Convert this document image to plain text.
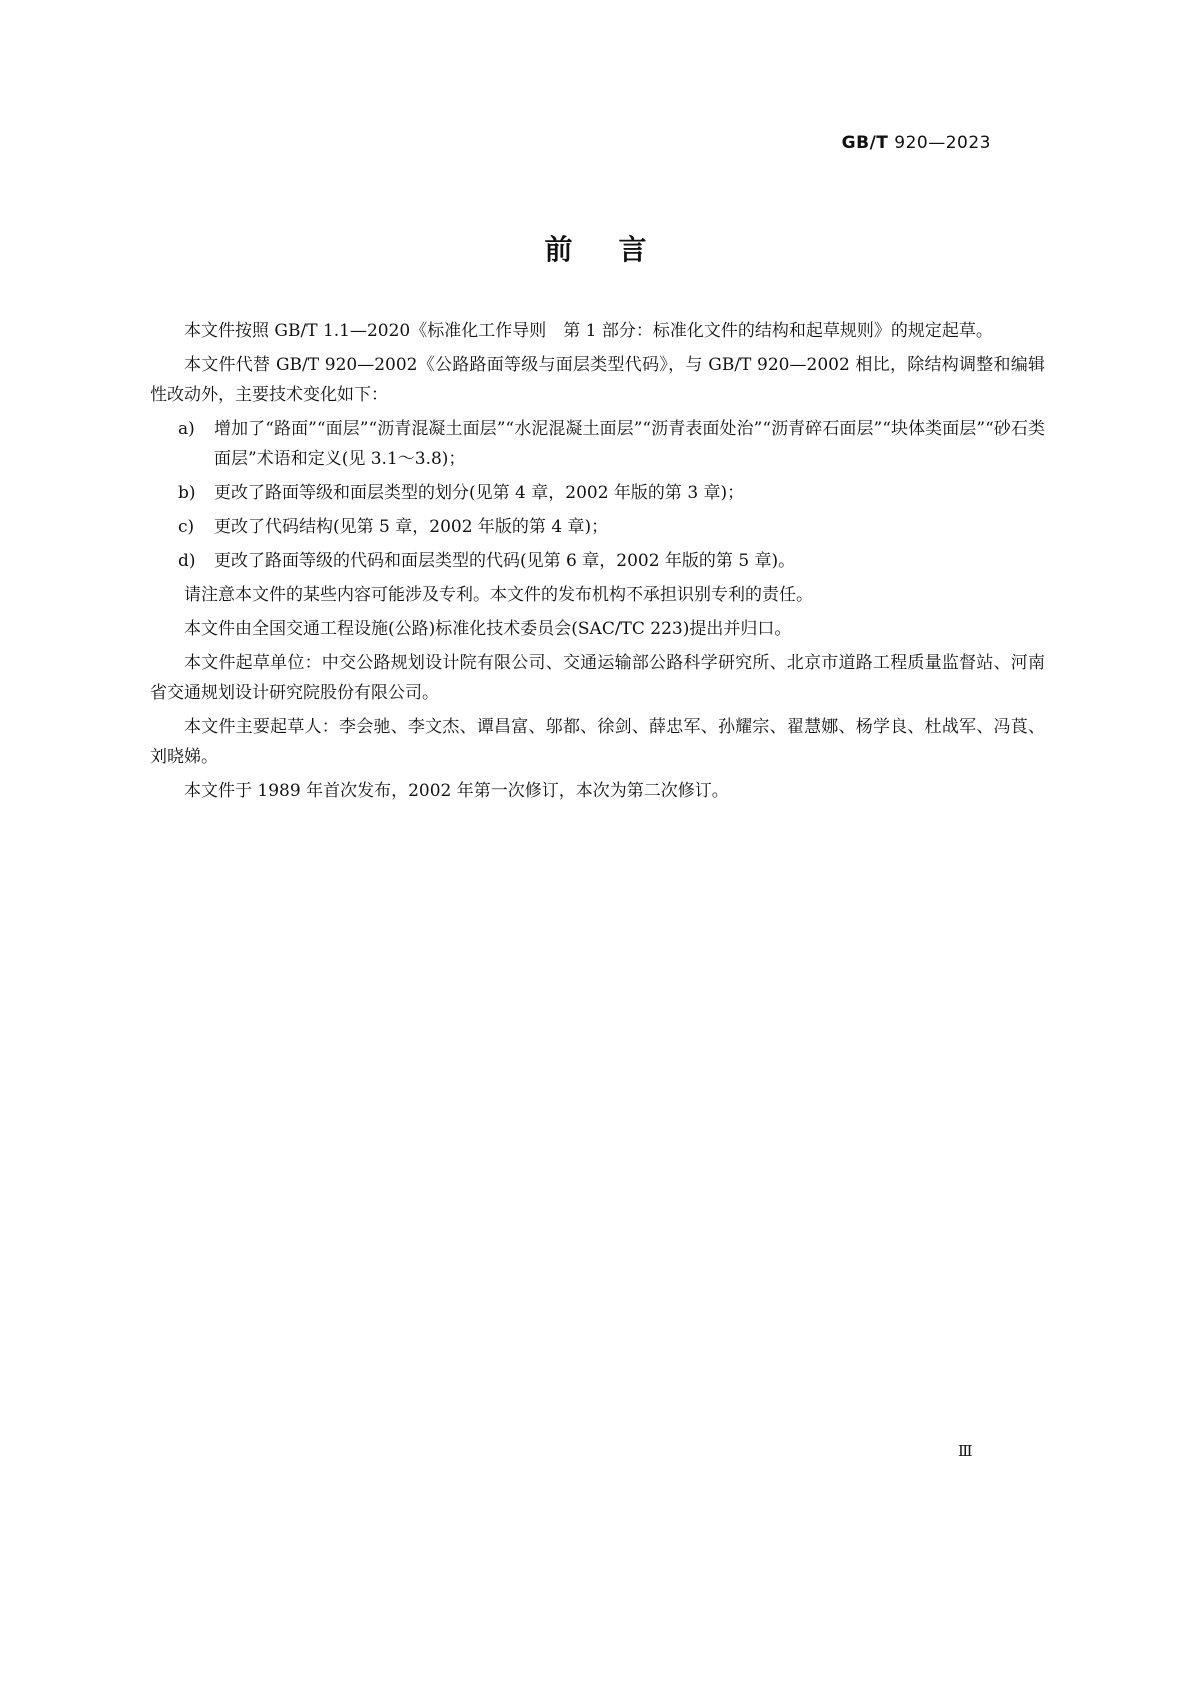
GB/T 920—2023
前言

本文件按照 GB/T 1.1—2020《标准化工作导则　第 1 部分：标准化文件的结构和起草规则》的规定起草。

本文件代替 GB/T 920—2002《公路路面等级与面层类型代码》，与 GB/T 920—2002 相比，除结构调整和编辑性改动外，主要技术变化如下：

a)	增加了“路面”“面层”“沥青混凝土面层”“水泥混凝土面层”“沥青表面处治”“沥青碎石面层”“块体类面层”“砂石类面层”术语和定义(见 3.1～3.8)；
b)	更改了路面等级和面层类型的划分(见第 4 章，2002 年版的第 3 章)；
c)	更改了代码结构(见第 5 章，2002 年版的第 4 章)；
d)	更改了路面等级的代码和面层类型的代码(见第 6 章，2002 年版的第 5 章)。

请注意本文件的某些内容可能涉及专利。本文件的发布机构不承担识别专利的责任。

本文件由全国交通工程设施(公路)标准化技术委员会(SAC/TC 223)提出并归口。

本文件起草单位：中交公路规划设计院有限公司、交通运输部公路科学研究所、北京市道路工程质量监督站、河南省交通规划设计研究院股份有限公司。

本文件主要起草人：李会驰、李文杰、谭昌富、邬都、徐剑、薛忠军、孙耀宗、翟慧娜、杨学良、杜战军、冯莨、刘晓娣。

本文件于 1989 年首次发布，2002 年第一次修订，本次为第二次修订。

Ⅲ
